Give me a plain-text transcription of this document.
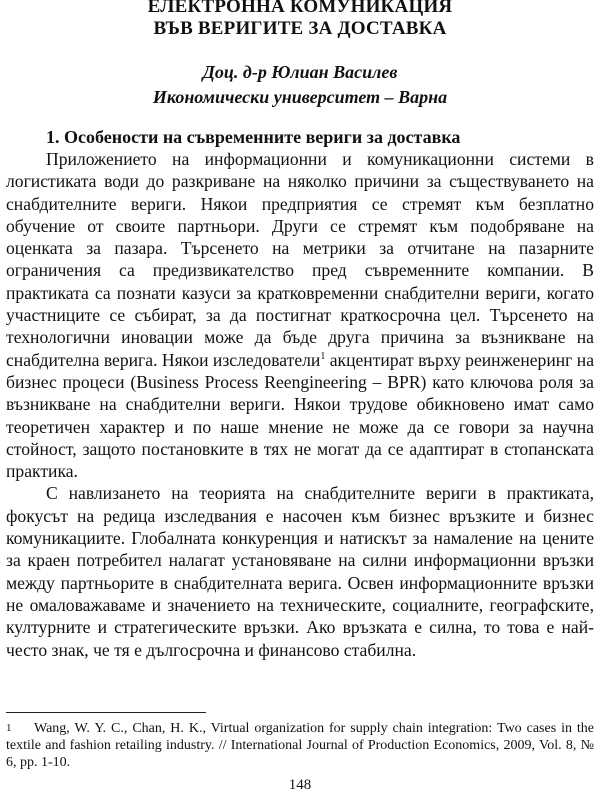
ЕЛЕКТРОННА КОМУНИКАЦИЯ
ВЪВ ВЕРИГИТЕ ЗА ДОСТАВКА
Доц. д-р Юлиан Василев
Икономически университет – Варна
1. Особености на съвременните вериги за доставка

Приложението на информационни и комуникационни системи в логистиката води до разкриване на няколко причини за съществуването на снабдителните вериги. Някои предприятия се стремят към безплатно обучение от своите партньори. Други се стремят към подобряване на оценката за пазара. Търсенето на метрики за отчитане на пазарните ограничения са предизвикателство пред съвременните компании. В практиката са познати казуси за кратковременни снабдителни вериги, когато участниците се събират, за да постигнат краткосрочна цел. Търсенето на технологични иновации може да бъде друга причина за възникване на снабдителна верига. Някои изследователи$^1$ акцентират върху реинженеринг на бизнес процеси (Business Process Reengineering – BPR) като ключова роля за възникване на снабдителни вериги. Някои трудове обикновено имат само теоретичен характер и по наше мнение не може да се говори за научна стойност, защото постановките в тях не могат да се адаптират в стопанската практика.

С навлизането на теорията на снабдителните вериги в практиката, фокусът на редица изследвания е насочен към бизнес връзките и бизнес комуникациите. Глобалната конкуренция и натискът за намаление на цените за краен потребител налагат установяване на силни информационни връзки между партньорите в снабдителната верига. Освен информационните връзки не омаловажаваме и значението на техническите, социалните, географските, културните и стратегическите връзки. Ако връзката е силна, то това е най-често знак, че тя е дългосрочна и финансово стабилна.

1 Wang, W. Y. C., Chan, H. K., Virtual organization for supply chain integration: Two cases in the textile and fashion retailing industry. // International Journal of Production Economics, 2009, Vol. 8, № 6, pp. 1-10.
148
